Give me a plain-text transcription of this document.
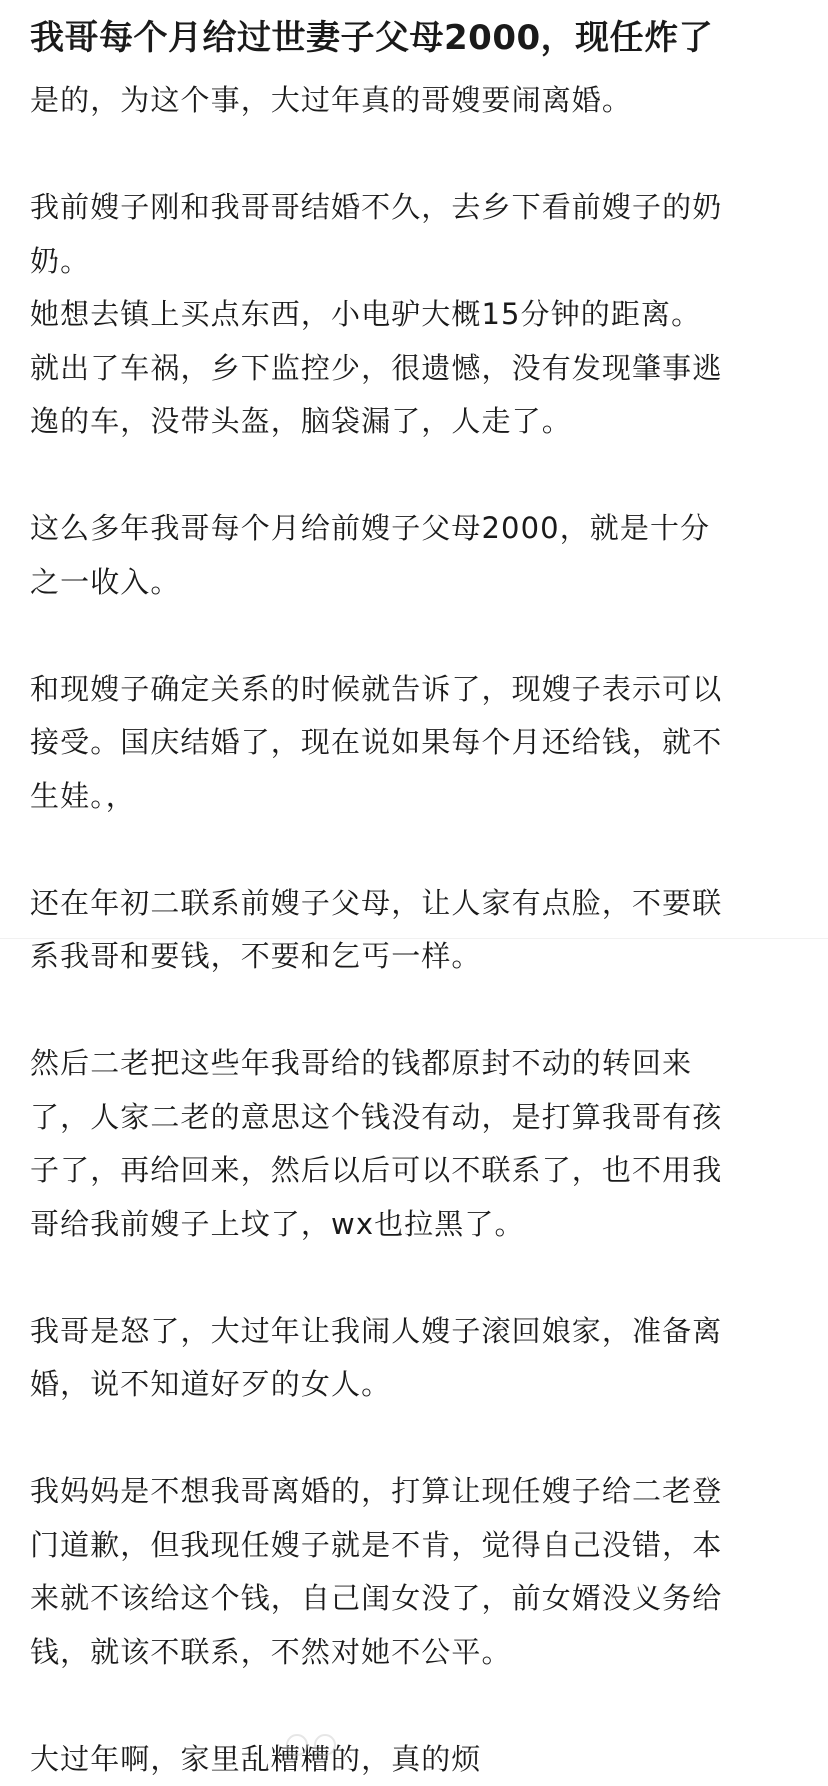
我哥每个月给过世妻子父母2000，现任炸了
是的，为这个事，大过年真的哥嫂要闹离婚。
我前嫂子刚和我哥哥结婚不久，去乡下看前嫂子的奶
奶。
她想去镇上买点东西，小电驴大概15分钟的距离。
就出了车祸，乡下监控少，很遗憾，没有发现肇事逃
逸的车，没带头盔，脑袋漏了，人走了。
这么多年我哥每个月给前嫂子父母2000，就是十分
之一收入。
和现嫂子确定关系的时候就告诉了，现嫂子表示可以
接受。国庆结婚了，现在说如果每个月还给钱，就不
生娃。，
还在年初二联系前嫂子父母，让人家有点脸，不要联
系我哥和要钱，不要和乞丐一样。
然后二老把这些年我哥给的钱都原封不动的转回来
了，人家二老的意思这个钱没有动，是打算我哥有孩
子了，再给回来，然后以后可以不联系了，也不用我
哥给我前嫂子上坟了，wx也拉黑了。
我哥是怒了，大过年让我闹人嫂子滚回娘家，准备离
婚，说不知道好歹的女人。
我妈妈是不想我哥离婚的，打算让现任嫂子给二老登
门道歉，但我现任嫂子就是不肯，觉得自己没错，本
来就不该给这个钱，自己闺女没了，前女婿没义务给
钱，就该不联系，不然对她不公平。
大过年啊，家里乱糟糟的，真的烦
